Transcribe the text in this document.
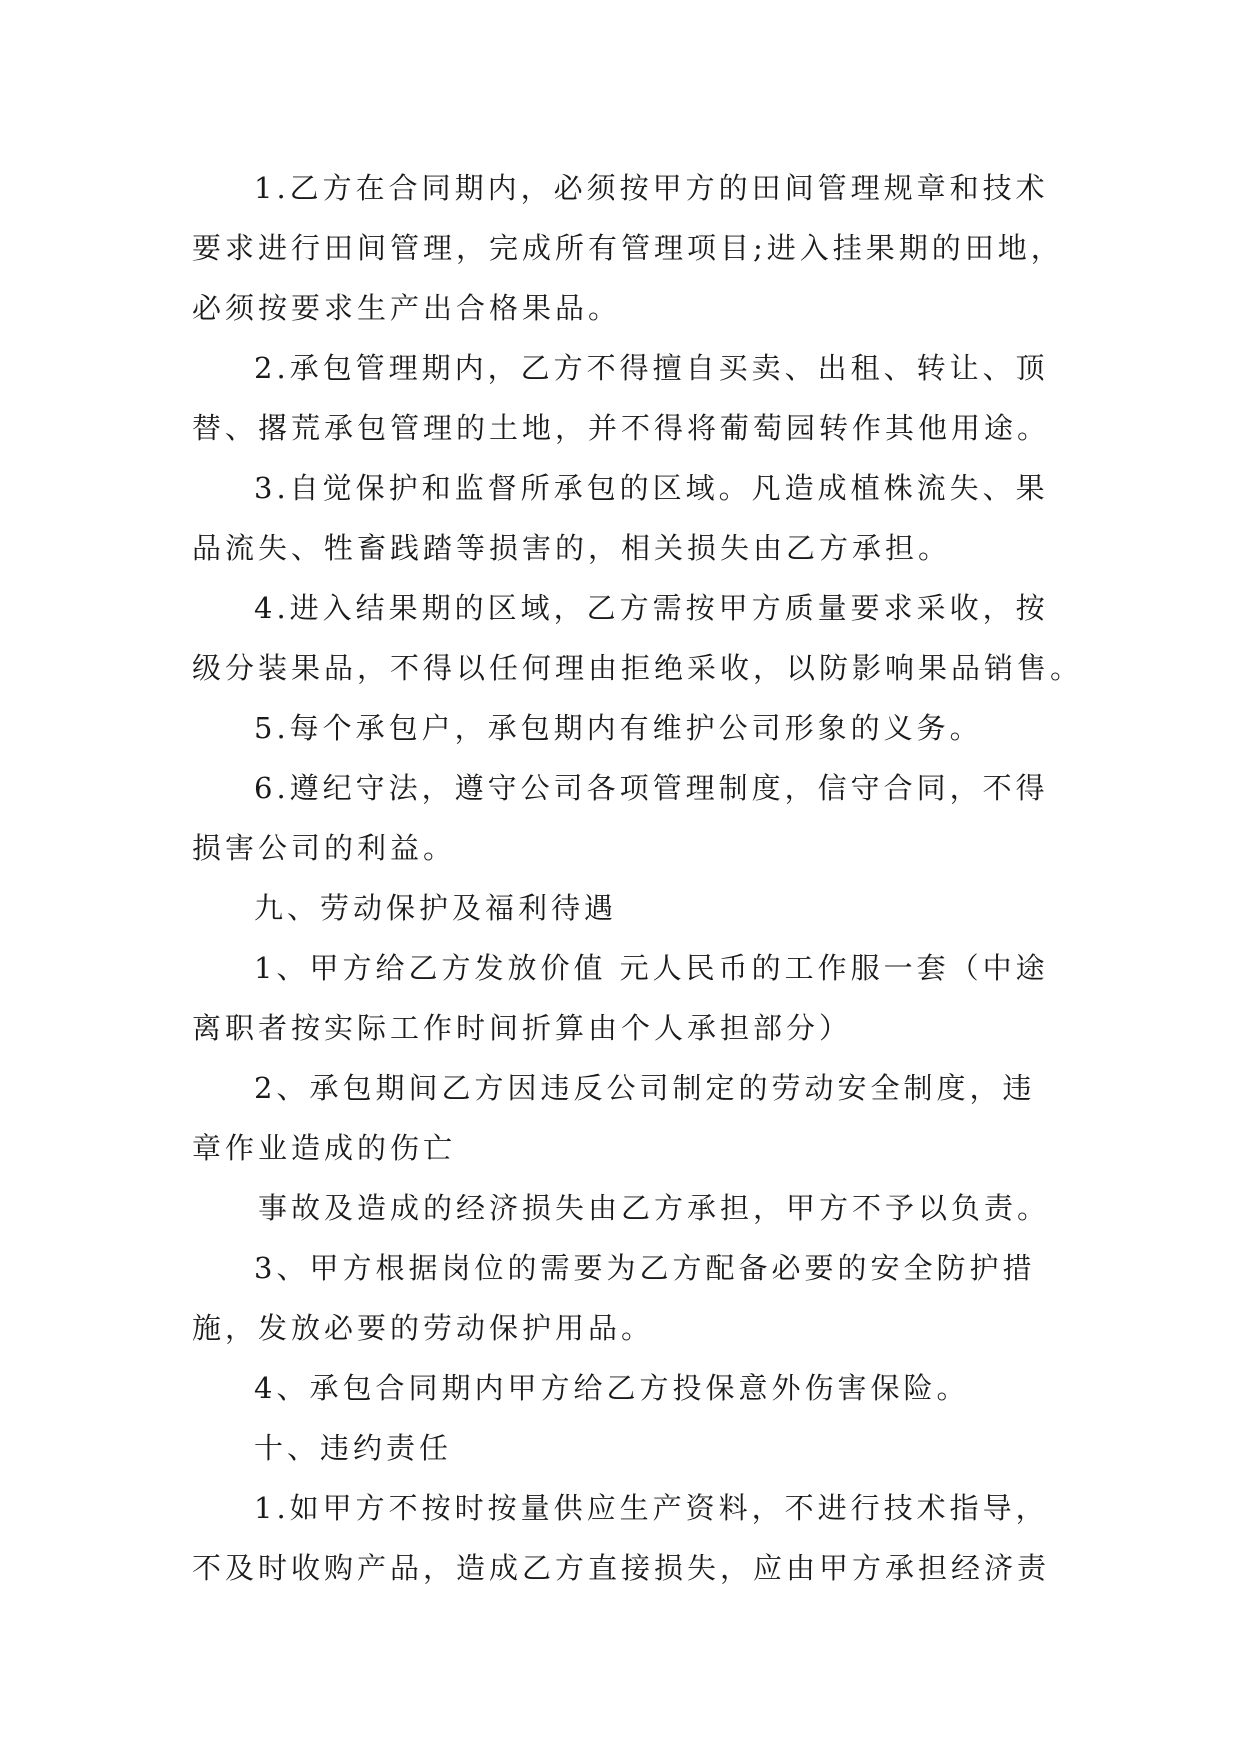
1.乙方在合同期内，必须按甲方的田间管理规章和技术
要求进行田间管理，完成所有管理项目;进入挂果期的田地，
必须按要求生产出合格果品。

2.承包管理期内，乙方不得擅自买卖、出租、转让、顶
替、撂荒承包管理的土地，并不得将葡萄园转作其他用途。

3.自觉保护和监督所承包的区域。凡造成植株流失、果
品流失、牲畜践踏等损害的，相关损失由乙方承担。

4.进入结果期的区域，乙方需按甲方质量要求采收，按
级分装果品，不得以任何理由拒绝采收，以防影响果品销售。

5.每个承包户，承包期内有维护公司形象的义务。

6.遵纪守法，遵守公司各项管理制度，信守合同，不得
损害公司的利益。

九、劳动保护及福利待遇

1、甲方给乙方发放价值 元人民币的工作服一套（中途
离职者按实际工作时间折算由个人承担部分）

2、承包期间乙方因违反公司制定的劳动安全制度，违
章作业造成的伤亡

事故及造成的经济损失由乙方承担，甲方不予以负责。

3、甲方根据岗位的需要为乙方配备必要的安全防护措
施，发放必要的劳动保护用品。

4、承包合同期内甲方给乙方投保意外伤害保险。

十、违约责任

1.如甲方不按时按量供应生产资料，不进行技术指导，
不及时收购产品，造成乙方直接损失，应由甲方承担经济责
